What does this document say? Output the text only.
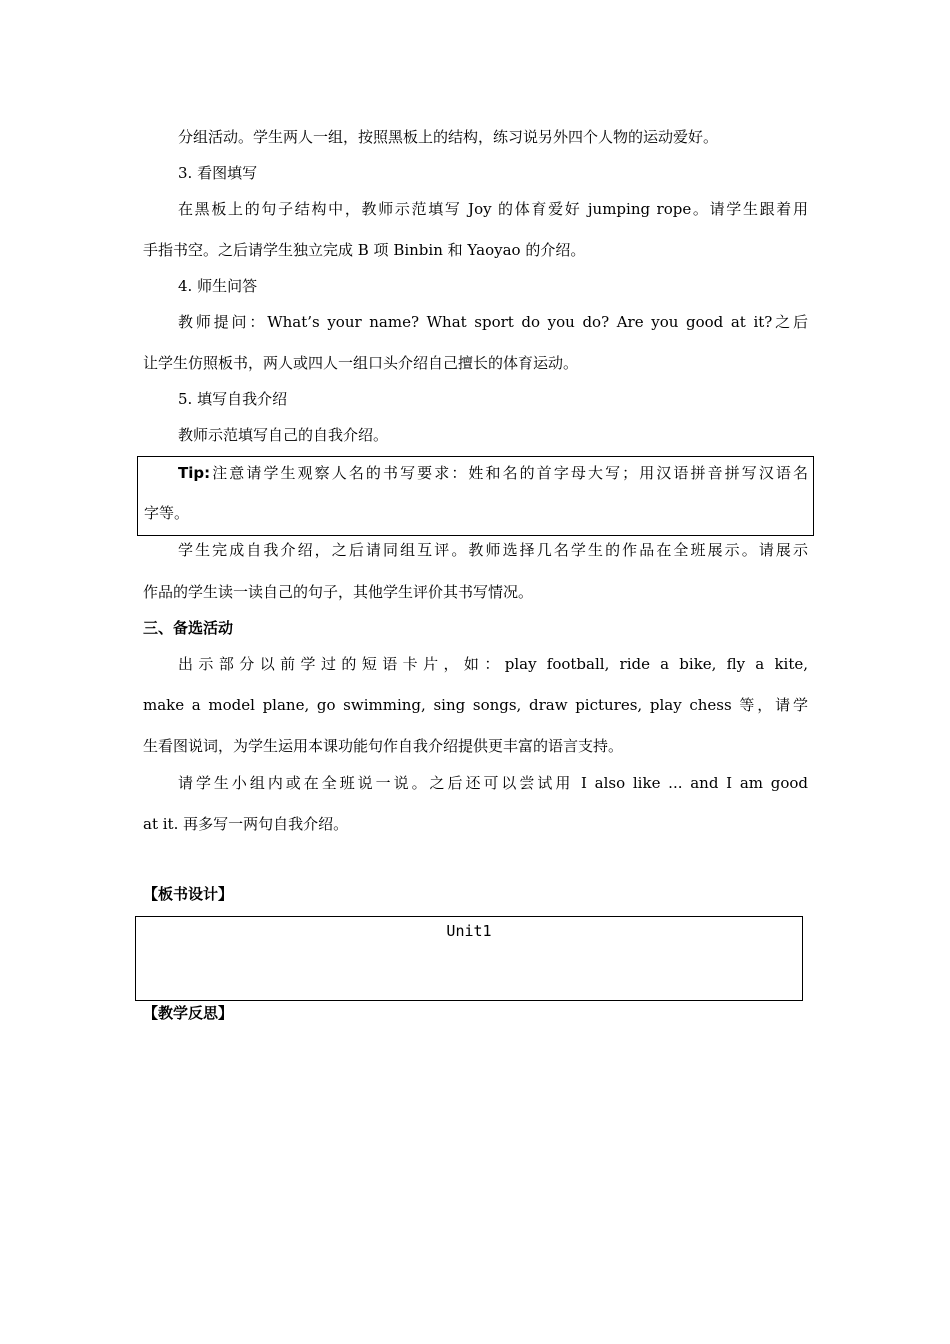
分组活动。学生两人一组，按照黑板上的结构，练习说另外四个人物的运动爱好。
3. 看图填写
在黑板上的句子结构中，教师示范填写 Joy 的体育爱好 jumping rope。请学生跟着用
手指书空。之后请学生独立完成 B 项 Binbin 和 Yaoyao 的介绍。
4. 师生问答
教师提问：What’s your name? What sport do you do? Are you good at it?之后
让学生仿照板书，两人或四人一组口头介绍自己擅长的体育运动。
5. 填写自我介绍
教师示范填写自己的自我介绍。
Tip:注意请学生观察人名的书写要求：姓和名的首字母大写；用汉语拼音拼写汉语名
字等。
学生完成自我介绍，之后请同组互评。教师选择几名学生的作品在全班展示。请展示
作品的学生读一读自己的句子，其他学生评价其书写情况。
三、备选活动
出示部分以前学过的短语卡片，如：play football, ride a bike, fly a kite,
make a model plane, go swimming, sing songs, draw pictures, play chess 等，请学
生看图说词，为学生运用本课功能句作自我介绍提供更丰富的语言支持。
请学生小组内或在全班说一说。之后还可以尝试用 I also like ... and I am good
at it. 再多写一两句自我介绍。
【板书设计】
Unit1
【教学反思】
